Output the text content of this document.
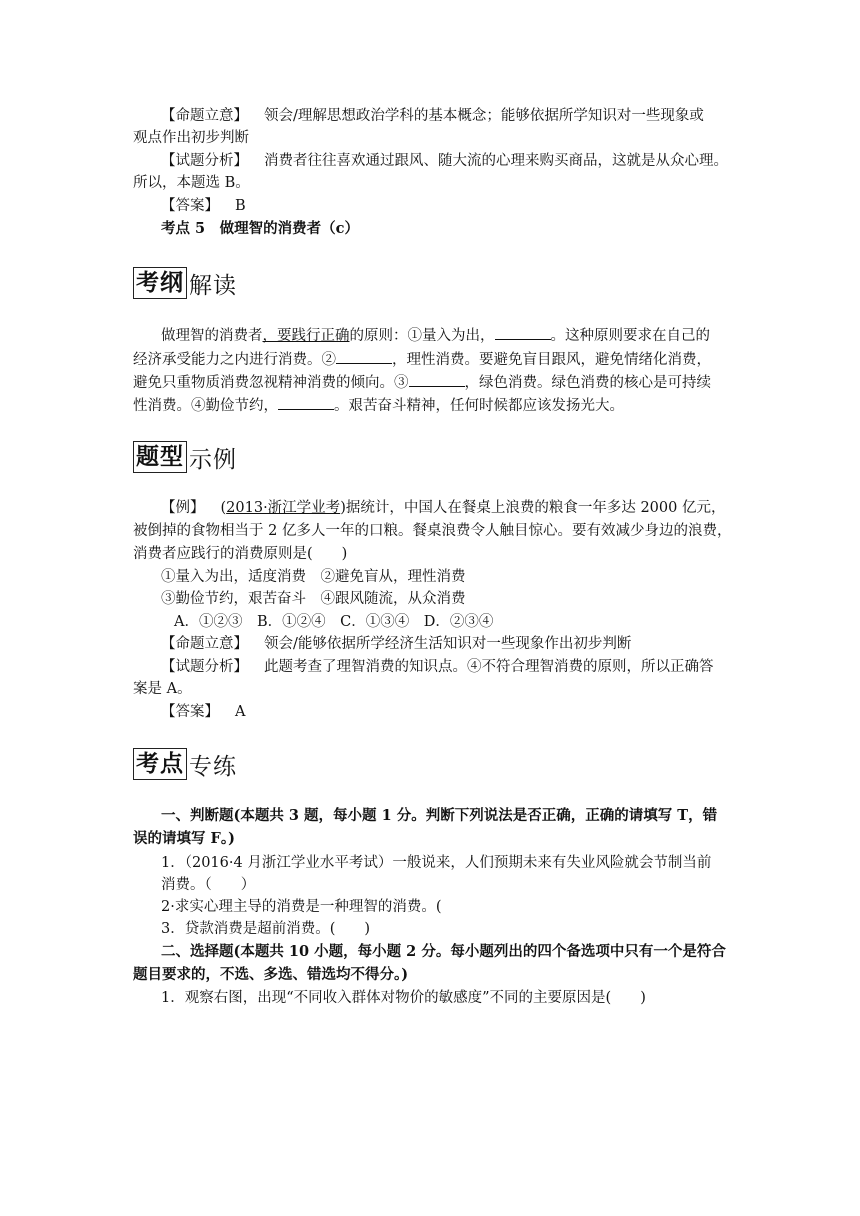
【命题立意】 领会/理解思想政治学科的基本概念；能够依据所学知识对一些现象或
观点作出初步判断
【试题分析】 消费者往往喜欢通过跟风、随大流的心理来购买商品，这就是从众心理。
所以，本题选 B。
【答案】 B
考点 5　做理智的消费者（c）
考纲 解读
做理智的消费者，要践行正确的原则：①量入为出，	。这种原则要求在自己的
经济承受能力之内进行消费。②	，理性消费。要避免盲目跟风，避免情绪化消费，
避免只重物质消费忽视精神消费的倾向。③	，绿色消费。绿色消费的核心是可持续
性消费。④勤俭节约，	。艰苦奋斗精神，任何时候都应该发扬光大。
题型 示例
【例】 (2013·浙江学业考)据统计，中国人在餐桌上浪费的粮食一年多达 2000 亿元，
被倒掉的食物相当于 2 亿多人一年的口粮。餐桌浪费令人触目惊心。要有效减少身边的浪费，
消费者应践行的消费原则是(　　)
①量入为出，适度消费　②避免盲从，理性消费
③勤俭节约，艰苦奋斗　④跟风随流，从众消费
A．①②③　B．①②④　C．①③④　D．②③④
【命题立意】 领会/能够依据所学经济生活知识对一些现象作出初步判断
【试题分析】 此题考查了理智消费的知识点。④不符合理智消费的原则，所以正确答
案是 A。
【答案】 A
考点 专练
一、判断题(本题共 3 题，每小题 1 分。判断下列说法是否正确，正确的请填写 T，错
误的请填写 F。)
1．（2016·4 月浙江学业水平考试）一般说来，人们预期未来有失业风险就会节制当前
消费。（　　）
2·求实心理主导的消费是一种理智的消费。(
3．贷款消费是超前消费。(　　)
二、选择题(本题共 10 小题，每小题 2 分。每小题列出的四个备选项中只有一个是符合
题目要求的，不选、多选、错选均不得分。)
1．观察右图，出现“不同收入群体对物价的敏感度”不同的主要原因是(　　)
